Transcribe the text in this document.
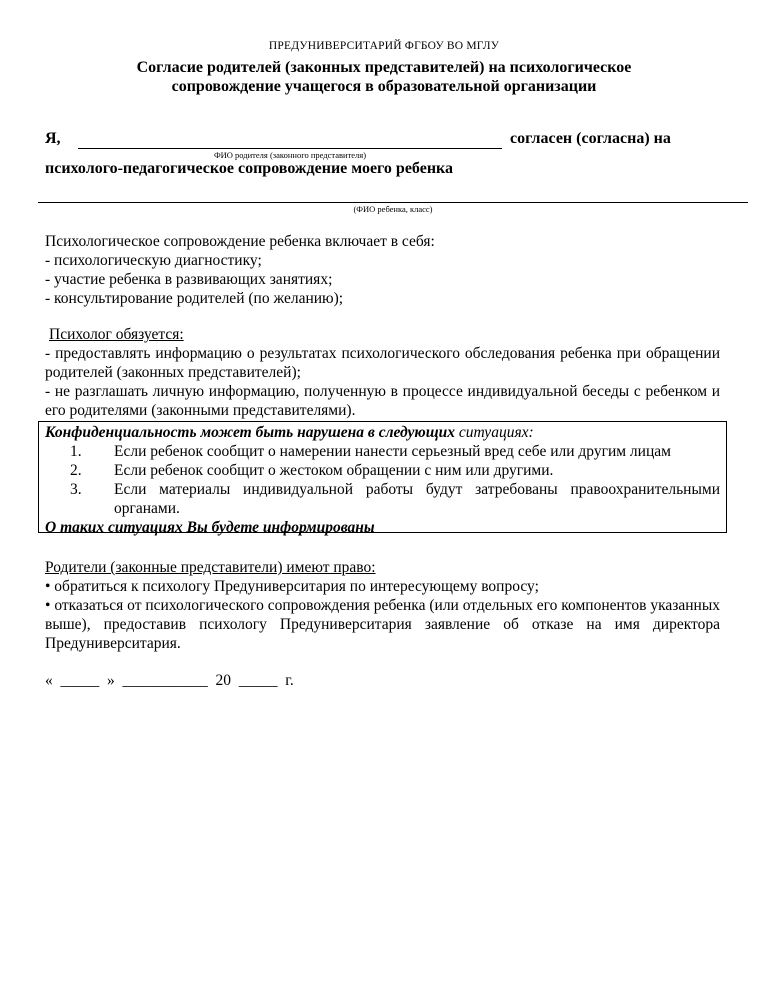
ПРЕДУНИВЕРСИТАРИЙ ФГБОУ ВО МГЛУ
Согласие родителей (законных представителей) на психологическое
сопровождение учащегося в образовательной организации
Я,	согласен (согласна) на
ФИО родителя (законного представителя)
психолого-педагогическое сопровождение моего ребенка
(ФИО ребенка, класс)

Психологическое сопровождение ребенка включает в себя:

- психологическую диагностику;

- участие ребенка в развивающих занятиях;

- консультирование родителей (по желанию);

Психолог обязуется:

- предоставлять информацию о результатах психологического обследования ребенка при обращении родителей (законных представителей);

- не разглашать личную информацию, полученную в процессе индивидуальной беседы с ребенком и его родителями (законными представителями).

Конфиденциальность может быть нарушена в следующих ситуациях:

1. Если ребенок сообщит о намерении нанести серьезный вред себе или другим лицам
2. Если ребенок сообщит о жестоком обращении с ним или другими.
3. Если материалы индивидуальной работы будут затребованы правоохранительными органами.

О таких ситуациях Вы будете информированы

Родители (законные представители) имеют право:

• обратиться к психологу Предуниверситария по интересующему вопросу;

• отказаться от психологического сопровождения ребенка (или отдельных его компонентов указанных выше), предоставив психологу Предуниверситария заявление об отказе на имя директора Предуниверситария.

«  _____  »  ___________  20  _____  г.
